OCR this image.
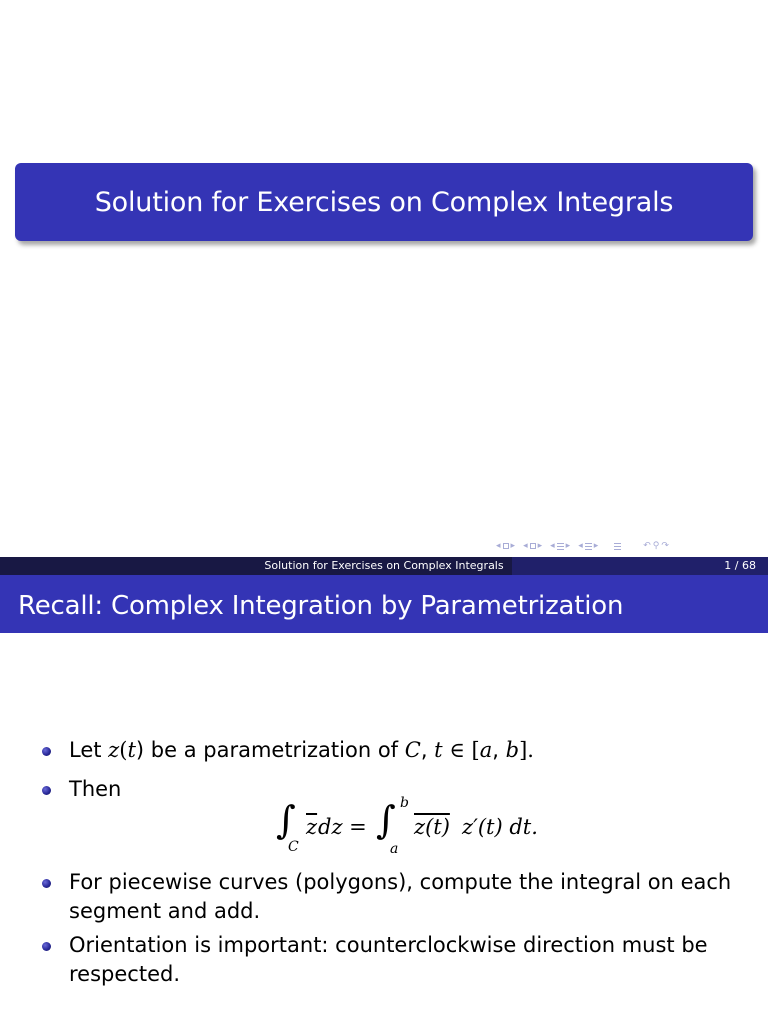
Solution for Exercises on Complex Integrals
◂ ▸ ◂ ▸ ◂ ▸ ◂ ▸	↶ ⚲ ↷
Solution for Exercises on Complex Integrals	1 / 68
Recall: Complex Integration by Parametrization
Let z(t) be a parametrization of C, t ∈ [a, b].
Then
For piecewise curves (polygons), compute the integral on each
segment and add.
Orientation is important: counterclockwise direction must be
respected.
∫
C
$\overline{z}$ dz = ∫ b
a
z(t) z′(t) dt.
